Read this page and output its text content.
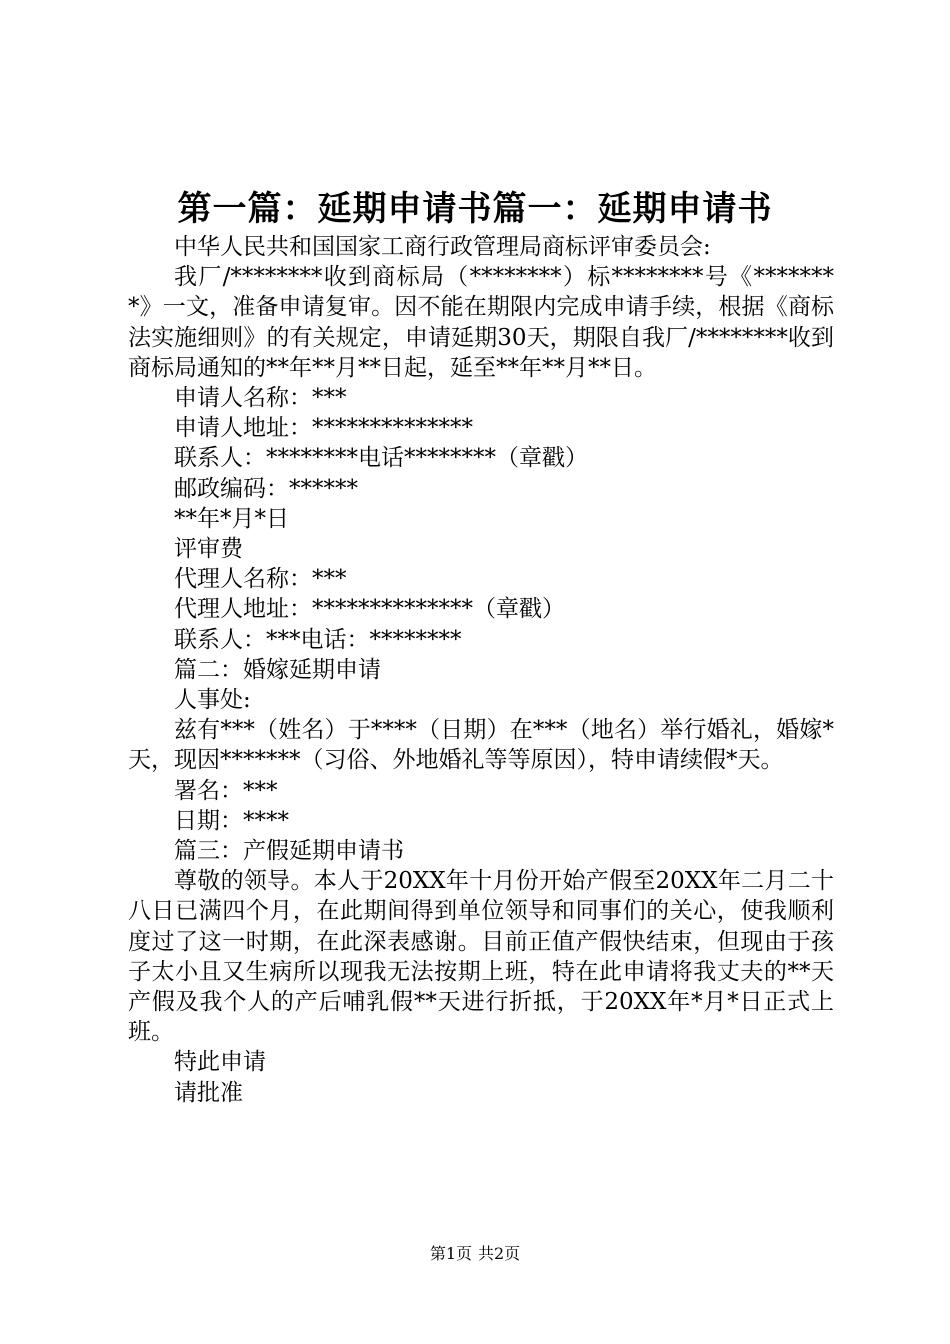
第一篇：延期申请书篇一：延期申请书

中华人民共和国国家工商行政管理局商标评审委员会:

我厂/********收到商标局（********）标********号《********》一文，准备申请复审。因不能在期限内完成申请手续，根据《商标法实施细则》的有关规定，申请延期30天，期限自我厂/********收到商标局通知的**年**月**日起，延至**年**月**日。

申请人名称：***

申请人地址：**************

联系人：********电话********（章戳）

邮政编码：******

**年*月*日

评审费

代理人名称：***

代理人地址：**************（章戳）

联系人：***电话：********

篇二：婚嫁延期申请

人事处:

兹有***（姓名）于****（日期）在***（地名）举行婚礼，婚嫁*天，现因*******（习俗、外地婚礼等等原因），特申请续假*天。

署名：***

日期：****

篇三：产假延期申请书

尊敬的领导。本人于20XX年十月份开始产假至20XX年二月二十八日已满四个月，在此期间得到单位领导和同事们的关心，使我顺利度过了这一时期，在此深表感谢。目前正值产假快结束，但现由于孩子太小且又生病所以现我无法按期上班，特在此申请将我丈夫的**天产假及我个人的产后哺乳假**天进行折抵，于20XX年*月*日正式上班。

特此申请

请批准

第1页 共2页
